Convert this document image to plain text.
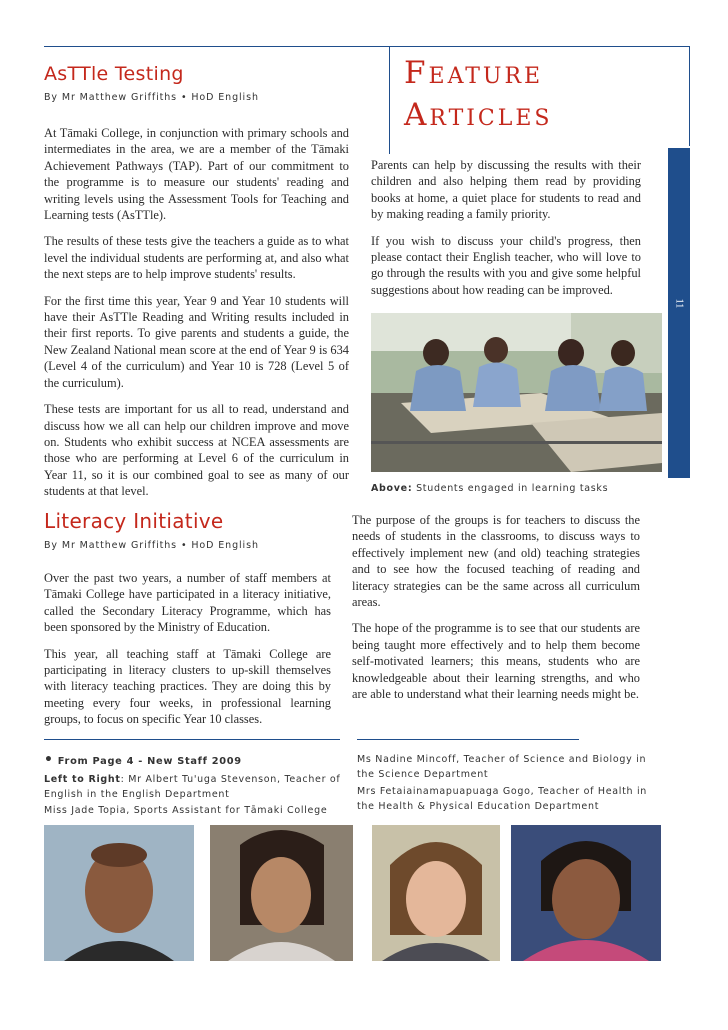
Feature
Articles
11
AsTTle Testing
By Mr Matthew Griffiths • HoD English

At Tāmaki College, in conjunction with primary schools and intermediates in the area, we are a member of the Tāmaki Achievement Pathways (TAP). Part of our commitment to the programme is to measure our students' reading and writing levels using the Assessment Tools for Teaching and Learning tests (AsTTle).

The results of these tests give the teachers a guide as to what level the individual students are performing at, and also what the next steps are to help improve students' results.

For the first time this year, Year 9 and Year 10 students will have their AsTTle Reading and Writing results included in their first reports. To give parents and students a guide, the New Zealand National mean score at the end of Year 9 is 634 (Level 4 of the curriculum) and Year 10 is 728 (Level 5 of the curriculum).

These tests are important for us all to read, understand and discuss how we all can help our children improve and move on. Students who exhibit success at NCEA assessments are those who are performing at Level 6 of the curriculum in Year 11, so it is our combined goal to see as many of our students at that level.

Parents can help by discussing the results with their children and also helping them read by providing books at home, a quiet place for students to read and by making reading a family priority.

If you wish to discuss your child's progress, then please contact their English teacher, who will love to go through the results with you and give some helpful suggestions about how reading can be improved.

Above: Students engaged in learning tasks
Literacy Initiative
By Mr Matthew Griffiths • HoD English

Over the past two years, a number of staff members at Tāmaki College have participated in a literacy initiative, called the Secondary Literacy Programme, which has been sponsored by the Ministry of Education.

This year, all teaching staff at Tāmaki College are participating in literacy clusters to up-skill themselves with literacy teaching practices. They are doing this by meeting every four weeks, in professional learning groups, to focus on specific Year 10 classes.

The purpose of the groups is for teachers to discuss the needs of students in the classrooms, to discuss ways to effectively implement new (and old) teaching strategies and to see how the focused teaching of reading and literacy strategies can be the same across all curriculum areas.

The hope of the programme is to see that our students are being taught more effectively and to help them become self-motivated learners; this means, students who are knowledgeable about their learning strengths, and who are able to understand what their learning needs might be.

• From Page 4 - New Staff 2009
Left to Right: Mr Albert Tu'uga Stevenson, Teacher of English in the English Department
Miss Jade Topia, Sports Assistant for Tāmaki College
Ms Nadine Mincoff, Teacher of Science and Biology in the Science Department
Mrs Fetaiainamapuapuaga Gogo, Teacher of Health in the Health & Physical Education Department
